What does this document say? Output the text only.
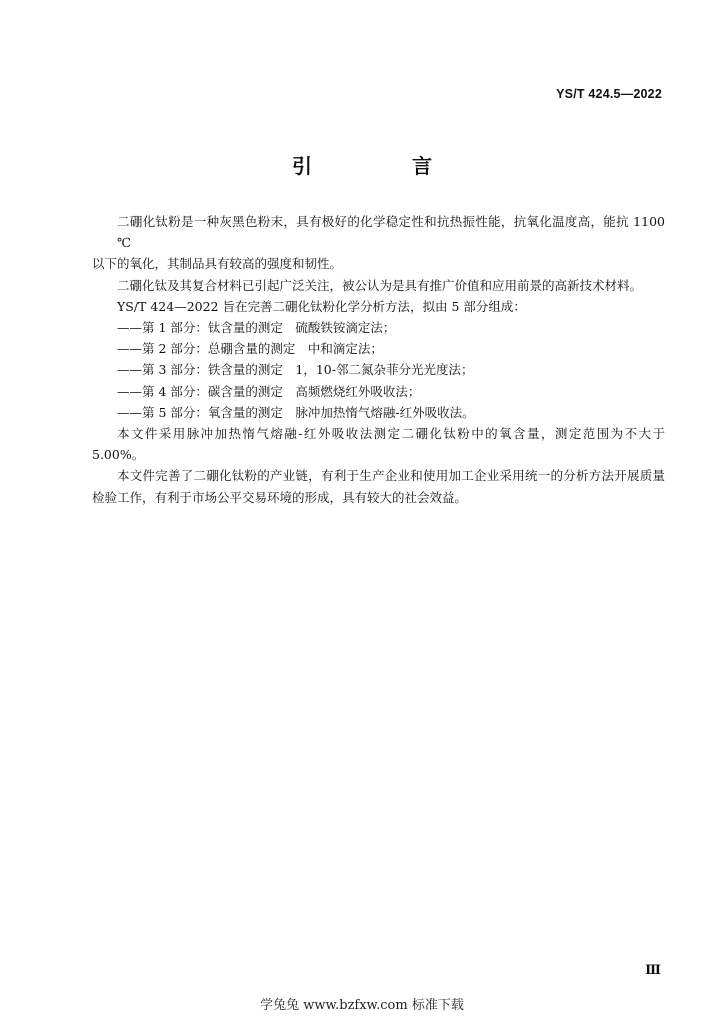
YS/T 424.5—2022
引　言
二硼化钛粉是一种灰黑色粉末，具有极好的化学稳定性和抗热振性能，抗氧化温度高，能抗 1100 ℃
以下的氧化，其制品具有较高的强度和韧性。
二硼化钛及其复合材料已引起广泛关注，被公认为是具有推广价值和应用前景的高新技术材料。
YS/T 424—2022 旨在完善二硼化钛粉化学分析方法，拟由 5 部分组成：
——第 1 部分：钛含量的测定　硫酸铁铵滴定法；
——第 2 部分：总硼含量的测定　中和滴定法；
——第 3 部分：铁含量的测定　1，10-邻二氮杂菲分光光度法；
——第 4 部分：碳含量的测定　高频燃烧红外吸收法；
——第 5 部分：氧含量的测定　脉冲加热惰气熔融-红外吸收法。
本文件采用脉冲加热惰气熔融-红外吸收法测定二硼化钛粉中的氧含量，测定范围为不大于
5.00%。
本文件完善了二硼化钛粉的产业链，有利于生产企业和使用加工企业采用统一的分析方法开展质量
检验工作，有利于市场公平交易环境的形成，具有较大的社会效益。
Ⅲ
学兔兔 www.bzfxw.com 标准下载
